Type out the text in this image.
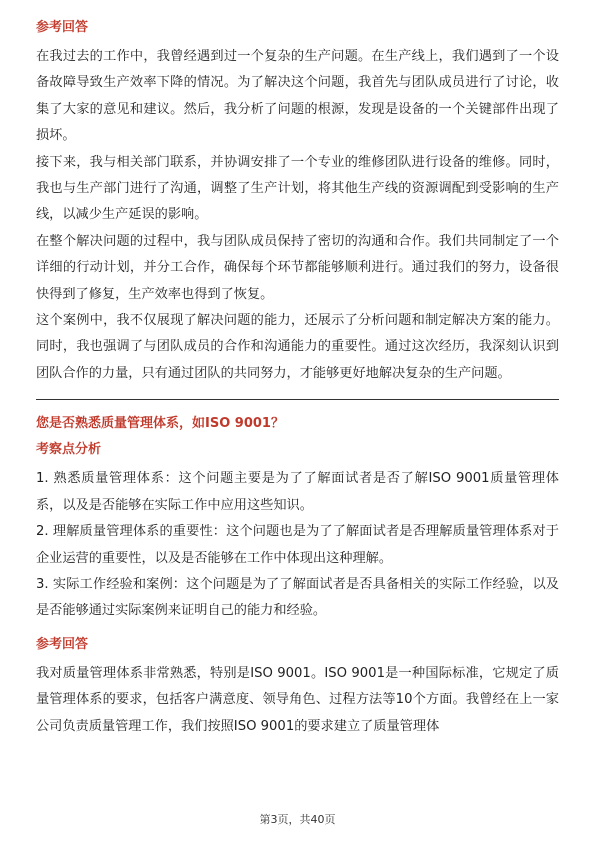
参考回答

在我过去的工作中，我曾经遇到过一个复杂的生产问题。在生产线上，我们遇到了一个设备故障导致生产效率下降的情况。为了解决这个问题，我首先与团队成员进行了讨论，收集了大家的意见和建议。然后，我分析了问题的根源，发现是设备的一个关键部件出现了损坏。

接下来，我与相关部门联系，并协调安排了一个专业的维修团队进行设备的维修。同时，我也与生产部门进行了沟通，调整了生产计划，将其他生产线的资源调配到受影响的生产线，以减少生产延误的影响。

在整个解决问题的过程中，我与团队成员保持了密切的沟通和合作。我们共同制定了一个详细的行动计划，并分工合作，确保每个环节都能够顺利进行。通过我们的努力，设备很快得到了修复，生产效率也得到了恢复。

这个案例中，我不仅展现了解决问题的能力，还展示了分析问题和制定解决方案的能力。同时，我也强调了与团队成员的合作和沟通能力的重要性。通过这次经历，我深刻认识到团队合作的力量，只有通过团队的共同努力，才能够更好地解决复杂的生产问题。

您是否熟悉质量管理体系，如ISO 9001？
考察点分析

1. 熟悉质量管理体系：这个问题主要是为了了解面试者是否了解ISO 9001质量管理体系，以及是否能够在实际工作中应用这些知识。

2. 理解质量管理体系的重要性：这个问题也是为了了解面试者是否理解质量管理体系对于企业运营的重要性，以及是否能够在工作中体现出这种理解。

3. 实际工作经验和案例：这个问题是为了了解面试者是否具备相关的实际工作经验，以及是否能够通过实际案例来证明自己的能力和经验。

参考回答

我对质量管理体系非常熟悉，特别是ISO 9001。ISO 9001是一种国际标准，它规定了质量管理体系的要求，包括客户满意度、领导角色、过程方法等10个方面。我曾经在上一家公司负责质量管理工作，我们按照ISO 9001的要求建立了质量管理体

第3页，共40页
